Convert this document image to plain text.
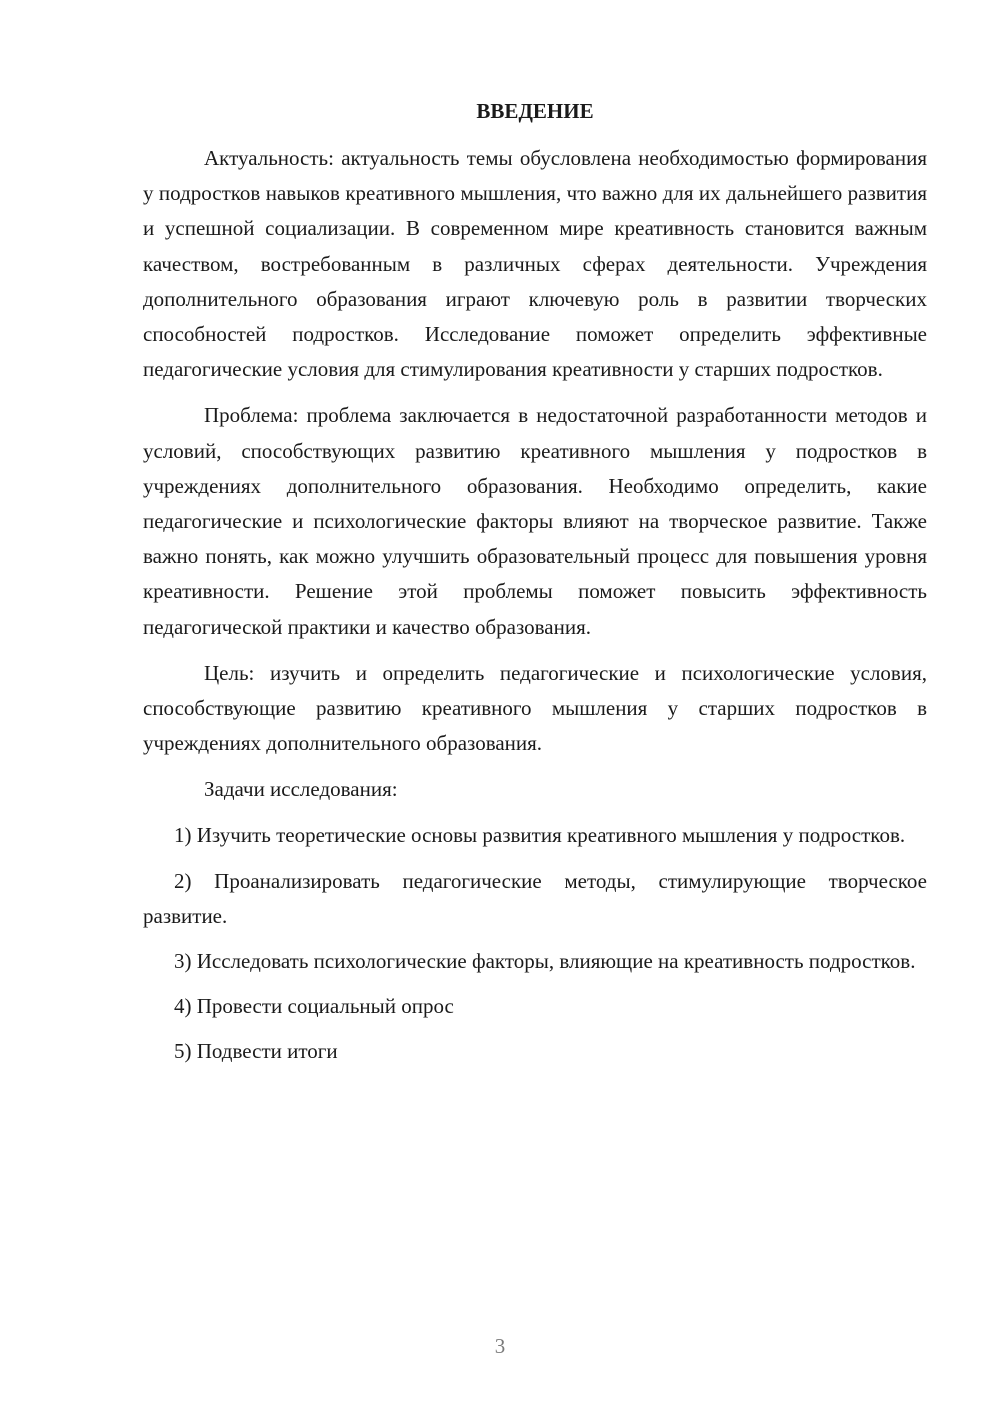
ВВЕДЕНИЕ

Актуальность: актуальность темы обусловлена необходимостью формирования у подростков навыков креативного мышления, что важно для их дальнейшего развития и успешной социализации. В современном мире креативность становится важным качеством, востребованным в различных сферах деятельности. Учреждения дополнительного образования играют ключевую роль в развитии творческих способностей подростков. Исследование поможет определить эффективные педагогические условия для стимулирования креативности у старших подростков.

Проблема: проблема заключается в недостаточной разработанности методов и условий, способствующих развитию креативного мышления у подростков в учреждениях дополнительного образования. Необходимо определить, какие педагогические и психологические факторы влияют на творческое развитие. Также важно понять, как можно улучшить образовательный процесс для повышения уровня креативности. Решение этой проблемы поможет повысить эффективность педагогической практики и качество образования.

Цель: изучить и определить педагогические и психологические условия, способствующие развитию креативного мышления у старших подростков в учреждениях дополнительного образования.

Задачи исследования:

1) Изучить теоретические основы развития креативного мышления у подростков.

2) Проанализировать педагогические методы, стимулирующие творческое развитие.

3) Исследовать психологические факторы, влияющие на креативность подростков.

4) Провести социальный опрос

5) Подвести итоги

3
